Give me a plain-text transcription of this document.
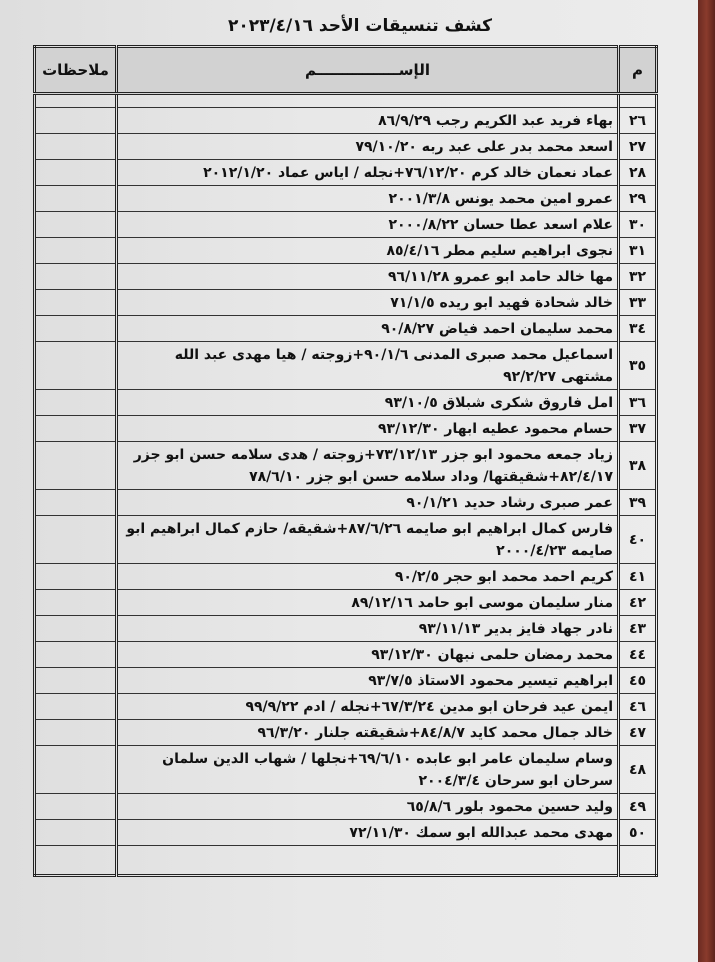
كشف تنسيقات الأحد ٢٠٢٣/٤/١٦
م	الإســــــــــــــــم	ملاحظات

٢٦	بهاء فريد عبد الكريم رجب ٨٦/٩/٢٩	
٢٧	اسعد محمد بدر على عبد ربه ٧٩/١٠/٢٠	
٢٨	عماد نعمان خالد كرم ٧٦/١٢/٢٠+نجله / اياس عماد ٢٠١٢/١/٢٠	
٢٩	عمرو امين محمد يونس ٢٠٠١/٣/٨	
٣٠	علام اسعد عطا حسان ٢٠٠٠/٨/٢٢	
٣١	نجوى ابراهيم سليم مطر ٨٥/٤/١٦	
٣٢	مها خالد حامد ابو عمرو ٩٦/١١/٢٨	
٣٣	خالد شحادة فهيد ابو ريده ٧١/١/٥	
٣٤	محمد سليمان احمد فياض ٩٠/٨/٢٧	
٣٥	اسماعيل محمد صبرى المدنى ٩٠/١/٦+زوجته / هيا مهدى عبد الله مشتهى ٩٢/٢/٢٧	
٣٦	امل فاروق شكرى شبلاق ٩٣/١٠/٥	
٣٧	حسام محمود عطيه ابهار ٩٣/١٢/٣٠	
٣٨	زياد جمعه محمود ابو جزر ٧٣/١٢/١٣+زوجته / هدى سلامه حسن ابو جزر ٨٢/٤/١٧+شقيقتها/ وداد سلامه حسن ابو جزر ٧٨/٦/١٠	
٣٩	عمر صبرى رشاد حديد ٩٠/١/٢١	
٤٠	فارس كمال ابراهيم ابو صايمه ٨٧/٦/٢٦+شقيقه/ حازم كمال ابراهيم ابو صايمه ٢٠٠٠/٤/٢٣	
٤١	كريم احمد محمد ابو حجر ٩٠/٢/٥	
٤٢	منار سليمان موسى ابو حامد ٨٩/١٢/١٦	
٤٣	نادر جهاد فايز بدير ٩٣/١١/١٣	
٤٤	محمد رمضان حلمى نبهان ٩٣/١٢/٣٠	
٤٥	ابراهيم تيسير محمود الاستاذ ٩٣/٧/٥	
٤٦	ايمن عيد فرحان ابو مدين ٦٧/٣/٢٤+نجله / ادم ٩٩/٩/٢٢	
٤٧	خالد جمال محمد كايد ٨٤/٨/٧+شقيقته جلنار ٩٦/٣/٢٠	
٤٨	وسام سليمان عامر ابو عابده ٦٩/٦/١٠+نجلها / شهاب الدين سلمان سرحان ابو سرحان ٢٠٠٤/٣/٤	
٤٩	وليد حسين محمود بلور ٦٥/٨/٦	
٥٠	مهدى محمد عبدالله ابو سمك ٧٢/١١/٣٠	
